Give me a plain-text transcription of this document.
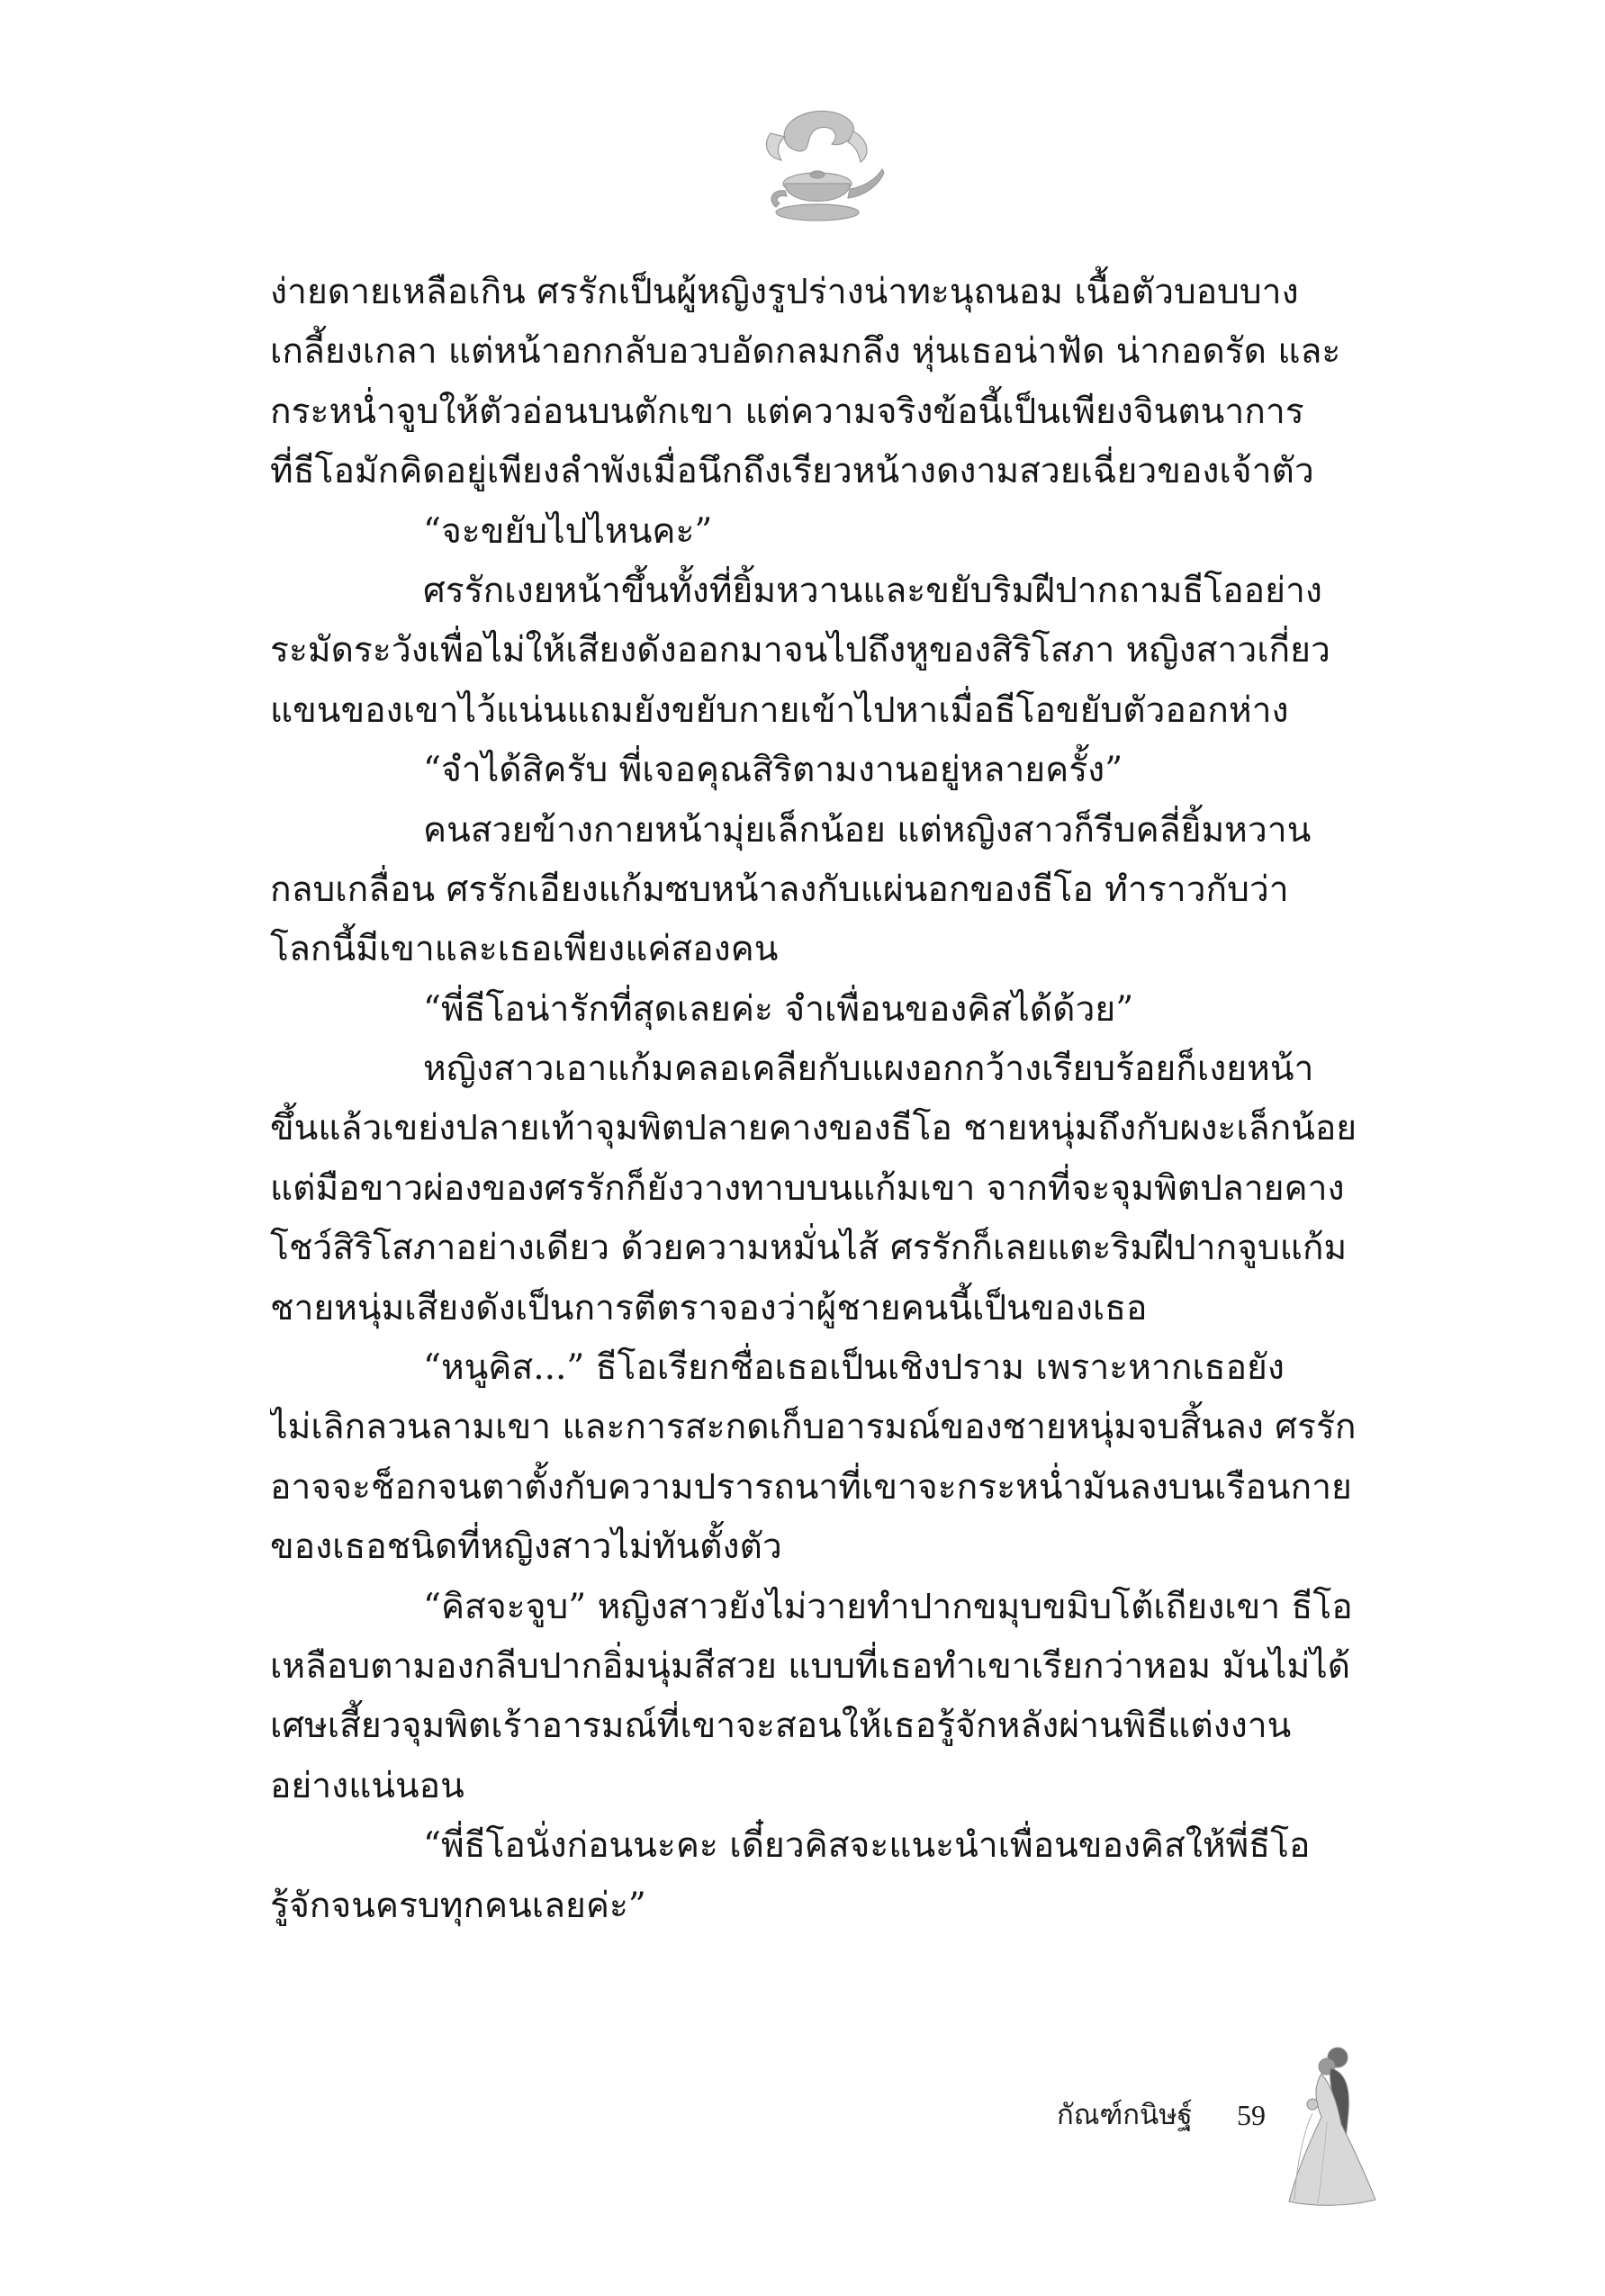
ง่ายดายเหลือเกิน ศรรักเป็นผู้หญิงรูปร่างน่าทะนุถนอม เนื้อตัวบอบบาง
เกลี้ยงเกลา แต่หน้าอกกลับอวบอัดกลมกลึง หุ่นเธอน่าฟัด น่ากอดรัด และ
กระหน่ำจูบให้ตัวอ่อนบนตักเขา แต่ความจริงข้อนี้เป็นเพียงจินตนาการ
ที่ธีโอมักคิดอยู่เพียงลำพังเมื่อนึกถึงเรียวหน้างดงามสวยเฉี่ยวของเจ้าตัว
“จะขยับไปไหนคะ”
ศรรักเงยหน้าขึ้นทั้งที่ยิ้มหวานและขยับริมฝีปากถามธีโออย่าง
ระมัดระวังเพื่อไม่ให้เสียงดังออกมาจนไปถึงหูของสิริโสภา หญิงสาวเกี่ยว
แขนของเขาไว้แน่นแถมยังขยับกายเข้าไปหาเมื่อธีโอขยับตัวออกห่าง
“จำได้สิครับ พี่เจอคุณสิริตามงานอยู่หลายครั้ง”
คนสวยข้างกายหน้ามุ่ยเล็กน้อย แต่หญิงสาวก็รีบคลี่ยิ้มหวาน
กลบเกลื่อน ศรรักเอียงแก้มซบหน้าลงกับแผ่นอกของธีโอ ทำราวกับว่า
โลกนี้มีเขาและเธอเพียงแค่สองคน
“พี่ธีโอน่ารักที่สุดเลยค่ะ จำเพื่อนของคิสได้ด้วย”
หญิงสาวเอาแก้มคลอเคลียกับแผงอกกว้างเรียบร้อยก็เงยหน้า
ขึ้นแล้วเขย่งปลายเท้าจุมพิตปลายคางของธีโอ ชายหนุ่มถึงกับผงะเล็กน้อย
แต่มือขาวผ่องของศรรักก็ยังวางทาบบนแก้มเขา จากที่จะจุมพิตปลายคาง
โชว์สิริโสภาอย่างเดียว ด้วยความหมั่นไส้ ศรรักก็เลยแตะริมฝีปากจูบแก้ม
ชายหนุ่มเสียงดังเป็นการตีตราจองว่าผู้ชายคนนี้เป็นของเธอ
“หนูคิส...” ธีโอเรียกชื่อเธอเป็นเชิงปราม เพราะหากเธอยัง
ไม่เลิกลวนลามเขา และการสะกดเก็บอารมณ์ของชายหนุ่มจบสิ้นลง ศรรัก
อาจจะช็อกจนตาตั้งกับความปรารถนาที่เขาจะกระหน่ำมันลงบนเรือนกาย
ของเธอชนิดที่หญิงสาวไม่ทันตั้งตัว
“คิสจะจูบ” หญิงสาวยังไม่วายทำปากขมุบขมิบโต้เถียงเขา ธีโอ
เหลือบตามองกลีบปากอิ่มนุ่มสีสวย แบบที่เธอทำเขาเรียกว่าหอม มันไม่ได้
เศษเสี้ยวจุมพิตเร้าอารมณ์ที่เขาจะสอนให้เธอรู้จักหลังผ่านพิธีแต่งงาน
อย่างแน่นอน
“พี่ธีโอนั่งก่อนนะคะ เดี๋ยวคิสจะแนะนำเพื่อนของคิสให้พี่ธีโอ
รู้จักจนครบทุกคนเลยค่ะ”
กัณฑ์กนิษฐ์ 59
